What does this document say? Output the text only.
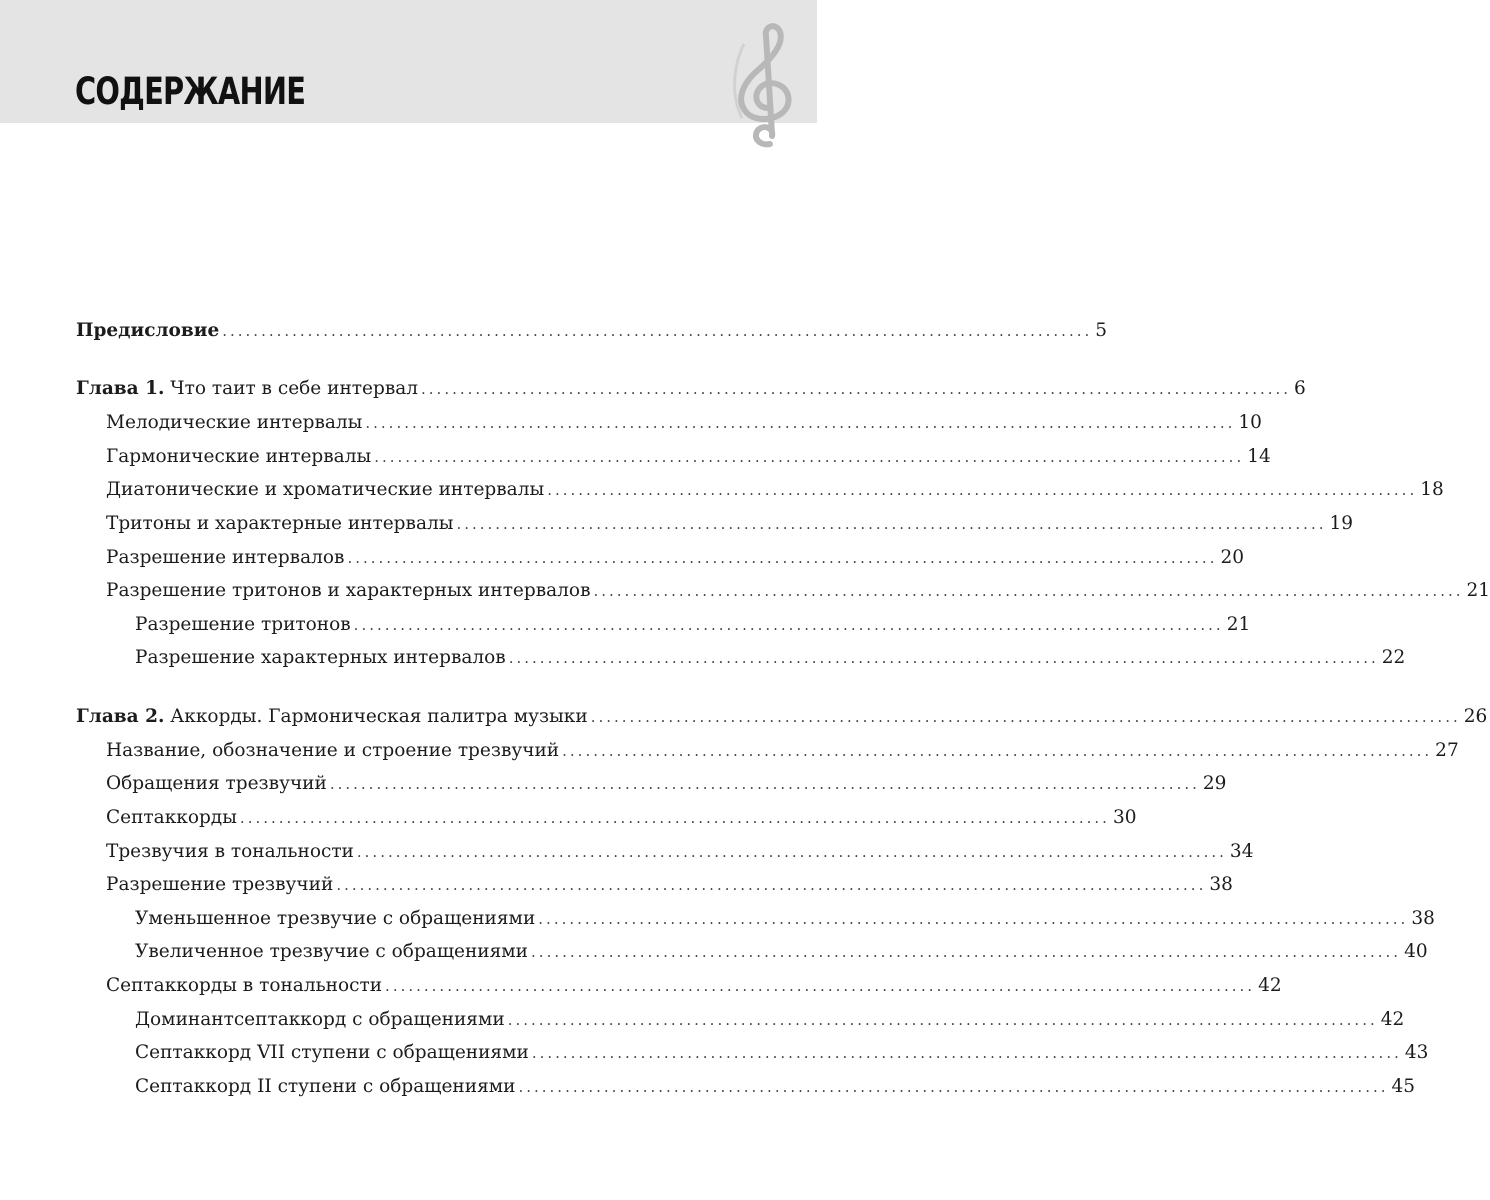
СОДЕРЖАНИЕ
Предисловие ................................................................................................................ 5
Глава 1. Что таит в себе интервал ................................................................................................................ 6
Мелодические интервалы ................................................................................................................ 10
Гармонические интервалы ................................................................................................................ 14
Диатонические и хроматические интервалы ................................................................................................................ 18
Тритоны и характерные интервалы ................................................................................................................ 19
Разрешение интервалов ................................................................................................................ 20
Разрешение тритонов и характерных интервалов ................................................................................................................ 21
Разрешение тритонов ................................................................................................................ 21
Разрешение характерных интервалов ................................................................................................................ 22
Глава 2. Аккорды. Гармоническая палитра музыки ................................................................................................................ 26
Название, обозначение и строение трезвучий ................................................................................................................ 27
Обращения трезвучий ................................................................................................................ 29
Септаккорды ................................................................................................................ 30
Трезвучия в тональности ................................................................................................................ 34
Разрешение трезвучий ................................................................................................................ 38
Уменьшенное трезвучие с обращениями ................................................................................................................ 38
Увеличенное трезвучие с обращениями ................................................................................................................ 40
Септаккорды в тональности ................................................................................................................ 42
Доминантсептаккорд с обращениями ................................................................................................................ 42
Септаккорд VII ступени с обращениями ................................................................................................................ 43
Септаккорд II ступени с обращениями ................................................................................................................ 45
